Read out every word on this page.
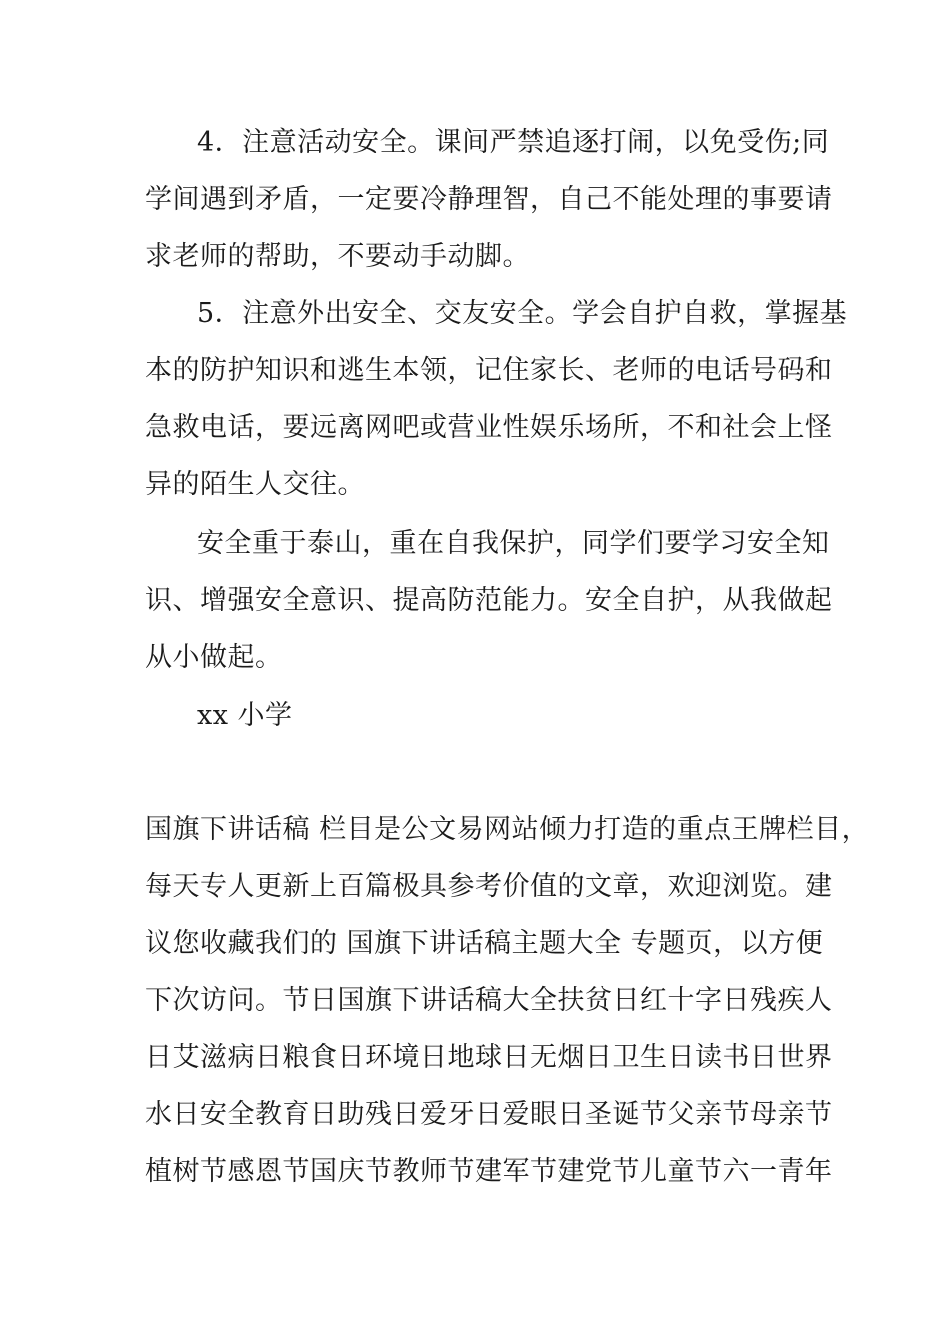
4．注意活动安全。课间严禁追逐打闹，以免受伤;同
学间遇到矛盾，一定要冷静理智，自己不能处理的事要请
求老师的帮助，不要动手动脚。
5．注意外出安全、交友安全。学会自护自救，掌握基
本的防护知识和逃生本领，记住家长、老师的电话号码和
急救电话，要远离网吧或营业性娱乐场所，不和社会上怪
异的陌生人交往。
安全重于泰山，重在自我保护，同学们要学习安全知
识、增强安全意识、提高防范能力。安全自护，从我做起
从小做起。
xx 小学
国旗下讲话稿 栏目是公文易网站倾力打造的重点王牌栏目，
每天专人更新上百篇极具参考价值的文章，欢迎浏览。建
议您收藏我们的 国旗下讲话稿主题大全 专题页，以方便
下次访问。节日国旗下讲话稿大全扶贫日红十字日残疾人
日艾滋病日粮食日环境日地球日无烟日卫生日读书日世界
水日安全教育日助残日爱牙日爱眼日圣诞节父亲节母亲节
植树节感恩节国庆节教师节建军节建党节儿童节六一青年
